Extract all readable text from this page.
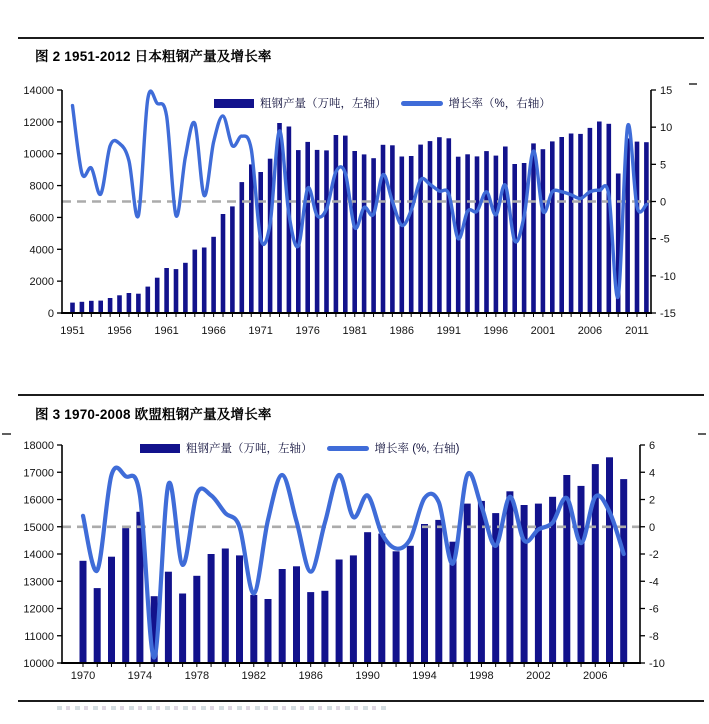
图 2 1951-2012 日本粗钢产量及增长率
0
2000
4000
6000
8000
10000
12000
14000
-15
-10
-5
0
5
10
15
1951 1956 1961 1966 1971 1976 1981 1986 1991 1996 2001 2006 2011
粗钢产量（万吨，左轴）	增长率（%，右轴）
图 3 1970-2008 欧盟粗钢产量及增长率
10000
11000
12000
13000
14000
15000
16000
17000
18000
-10
-8
-6
-4
-2
0
2
4
6
1970	1974	1978	1982	1986	1990	1994	1998	2002	2006
粗钢产量（万吨，左轴）	增长率 (%, 右轴)
